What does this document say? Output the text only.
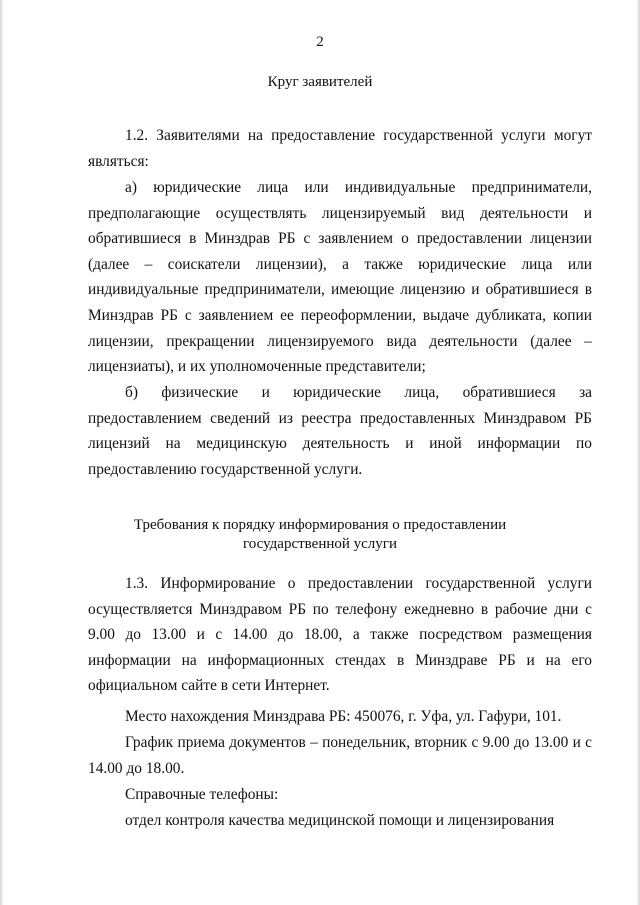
2
Круг заявителей

1.2. Заявителями на предоставление государственной услуги могут являться:

а) юридические лица или индивидуальные предприниматели, предполагающие осуществлять лицензируемый вид деятельности и обратившиеся в Минздрав РБ с заявлением о предоставлении лицензии (далее – соискатели лицензии), а также юридические лица или индивидуальные предприниматели, имеющие лицензию и обратившиеся в Минздрав РБ с заявлением ее переоформлении, выдаче дубликата, копии лицензии, прекращении лицензируемого вида деятельности (далее – лицензиаты), и их уполномоченные представители;

б) физические и юридические лица, обратившиеся за предоставлением сведений из реестра предоставленных Минздравом РБ лицензий на медицинскую деятельность и иной информации по предоставлению государственной услуги.

Требования к порядку информирования о предоставлении
государственной услуги

1.3. Информирование о предоставлении государственной услуги осуществляется Минздравом РБ по телефону ежедневно в рабочие дни с 9.00 до 13.00 и с 14.00 до 18.00, а также посредством размещения информации на информационных стендах в Минздраве РБ и на его официальном сайте в сети Интернет.

Место нахождения Минздрава РБ: 450076, г. Уфа, ул. Гафури, 101.

График приема документов – понедельник, вторник с 9.00 до 13.00 и с 14.00 до 18.00.

Справочные телефоны:

отдел контроля качества медицинской помощи и лицензирования
